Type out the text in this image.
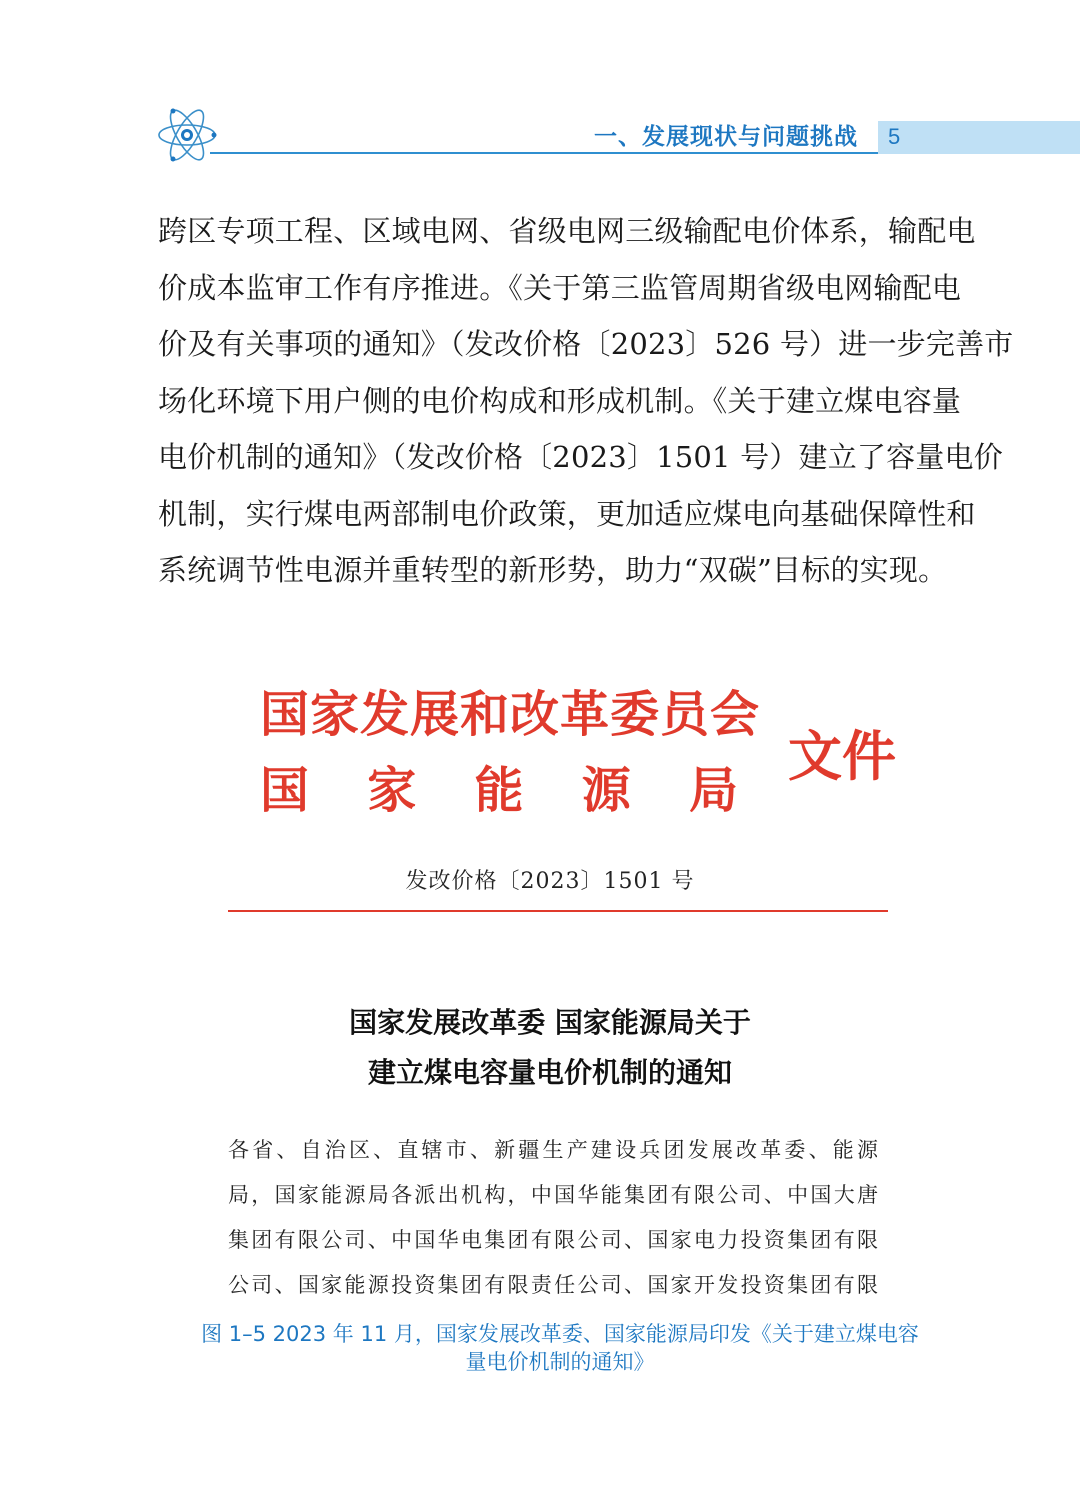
一、发展现状与问题挑战 5
跨区专项工程、区域电网、省级电网三级输配电价体系，输配电
价成本监审工作有序推进。《关于第三监管周期省级电网输配电
价及有关事项的通知》（发改价格〔2023〕526 号）进一步完善市
场化环境下用户侧的电价构成和形成机制。《关于建立煤电容量
电价机制的通知》（发改价格〔2023〕1501 号）建立了容量电价
机制，实行煤电两部制电价政策，更加适应煤电向基础保障性和
系统调节性电源并重转型的新形势，助力“双碳”目标的实现。
国家发展和改革委员会
国 家 能 源 局
文件
发改价格〔2023〕1501 号
国家发展改革委 国家能源局关于
建立煤电容量电价机制的通知
各省、自治区、直辖市、新疆生产建设兵团发展改革委、能源
局，国家能源局各派出机构，中国华能集团有限公司、中国大唐
集团有限公司、中国华电集团有限公司、国家电力投资集团有限
公司、国家能源投资集团有限责任公司、国家开发投资集团有限
图 1–5 2023 年 11 月，国家发展改革委、国家能源局印发《关于建立煤电容
量电价机制的通知》
